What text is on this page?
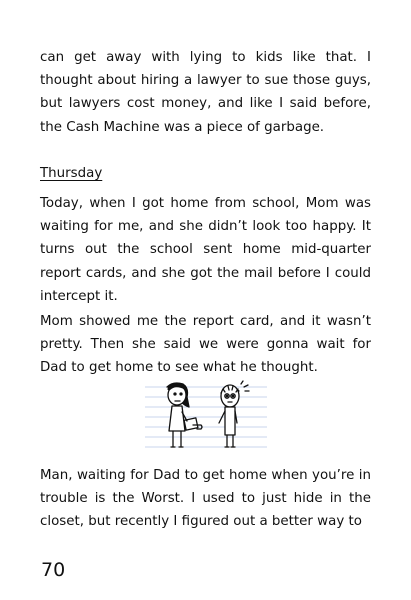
can get away with lying to kids like that. I thought about hiring a lawyer to sue those guys, but lawyers cost money, and like I said before, the Cash Machine was a piece of garbage.

Thursday

Today, when I got home from school, Mom was waiting for me, and she didn’t look too happy. It turns out the school sent home mid-quarter report cards, and she got the mail before I could intercept it.

Mom showed me the report card, and it wasn’t pretty. Then she said we were gonna wait for Dad to get home to see what he thought.

Man, waiting for Dad to get home when you’re in trouble is the Worst. I used to just hide in the closet, but recently I figured out a better way to

70
